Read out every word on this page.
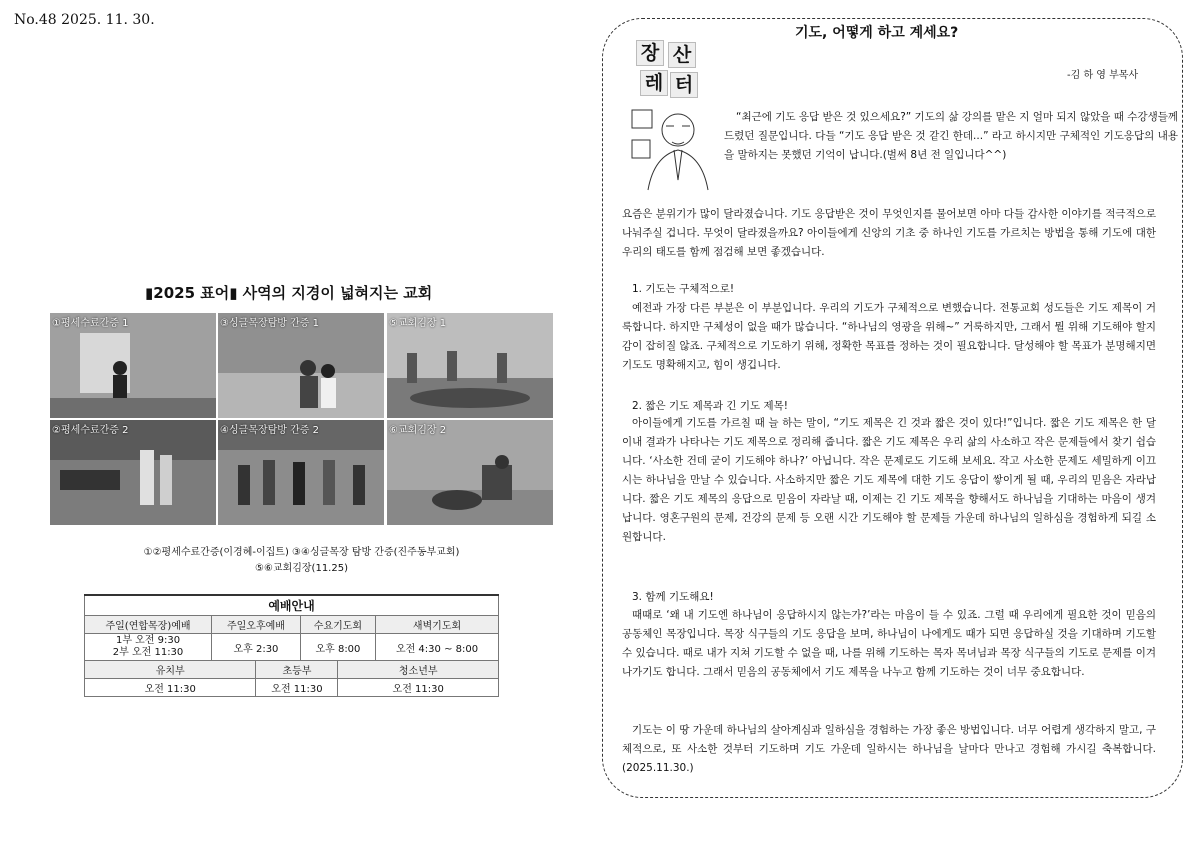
No.48 2025. 11. 30.
▮2025 표어▮ 사역의 지경이 넓혀지는 교회
①평세수료간증 1	③싱글목장탐방 간증 1	⑤교회김장 1
②평세수료간증 2	④싱글목장탐방 간증 2	⑥교회김장 2
①②평세수료간증(이경혜-이집트) ③④싱글목장 탐방 간증(진주동부교회)
⑤⑥교회김장(11.25)
예배안내					
주일(연합목장)예배	주일오후예배		수요기도회		새벽기도회
1부 오전 9:30
2부 오전 11:30	오후 2:30		오후 8:00		오전 4:30 ~ 8:00
유치부		초등부		청소년부	
오전 11:30		오전 11:30		오전 11:30	
장 산
레 터
기도, 어떻게 하고 계세요?
-김 하 영 부목사
“최근에 기도 응답 받은 것 있으세요?” 기도의 삶 강의를 맡은 지 얼마 되지 않았을 때 수강생들께 드렸던 질문입니다. 다들 “기도 응답 받은 것 같긴 한데...” 라고 하시지만 구체적인 기도응답의 내용을 말하지는 못했던 기억이 납니다.(벌써 8년 전 일입니다^^)
요즘은 분위기가 많이 달라졌습니다. 기도 응답받은 것이 무엇인지를 물어보면 아마 다들 감사한 이야기를 적극적으로 나눠주실 겁니다. 무엇이 달라졌을까요? 아이들에게 신앙의 기초 중 하나인 기도를 가르치는 방법을 통해 기도에 대한 우리의 태도를 함께 점검해 보면 좋겠습니다.
1. 기도는 구체적으로!
예전과 가장 다른 부분은 이 부분입니다. 우리의 기도가 구체적으로 변했습니다. 전통교회 성도들은 기도 제목이 거룩합니다. 하지만 구체성이 없을 때가 많습니다. “하나님의 영광을 위해~” 거룩하지만, 그래서 뭘 위해 기도해야 할지 감이 잡히질 않죠. 구체적으로 기도하기 위해, 정확한 목표를 정하는 것이 필요합니다. 달성해야 할 목표가 분명해지면 기도도 명확해지고, 힘이 생깁니다.
2. 짧은 기도 제목과 긴 기도 제목!
아이들에게 기도를 가르칠 때 늘 하는 말이, “기도 제목은 긴 것과 짧은 것이 있다!”입니다. 짧은 기도 제목은 한 달 이내 결과가 나타나는 기도 제목으로 정리해 줍니다. 짧은 기도 제목은 우리 삶의 사소하고 작은 문제들에서 찾기 쉽습니다. ‘사소한 건데 굳이 기도해야 하나?’ 아닙니다. 작은 문제로도 기도해 보세요. 작고 사소한 문제도 세밀하게 이끄시는 하나님을 만날 수 있습니다. 사소하지만 짧은 기도 제목에 대한 기도 응답이 쌓이게 될 때, 우리의 믿음은 자라납니다. 짧은 기도 제목의 응답으로 믿음이 자라날 때, 이제는 긴 기도 제목을 향해서도 하나님을 기대하는 마음이 생겨납니다. 영혼구원의 문제, 건강의 문제 등 오랜 시간 기도해야 할 문제들 가운데 하나님의 일하심을 경험하게 되길 소원합니다.
3. 함께 기도해요!
때때로 ‘왜 내 기도엔 하나님이 응답하시지 않는가?’라는 마음이 들 수 있죠. 그럴 때 우리에게 필요한 것이 믿음의 공동체인 목장입니다. 목장 식구들의 기도 응답을 보며, 하나님이 나에게도 때가 되면 응답하실 것을 기대하며 기도할 수 있습니다. 때로 내가 지쳐 기도할 수 없을 때, 나를 위해 기도하는 목자 목녀님과 목장 식구들의 기도로 문제를 이겨나가기도 합니다. 그래서 믿음의 공동체에서 기도 제목을 나누고 함께 기도하는 것이 너무 중요합니다.
기도는 이 땅 가운데 하나님의 살아계심과 일하심을 경험하는 가장 좋은 방법입니다. 너무 어렵게 생각하지 말고, 구체적으로, 또 사소한 것부터 기도하며 기도 가운데 일하시는 하나님을 날마다 만나고 경험해 가시길 축복합니다.(2025.11.30.)
